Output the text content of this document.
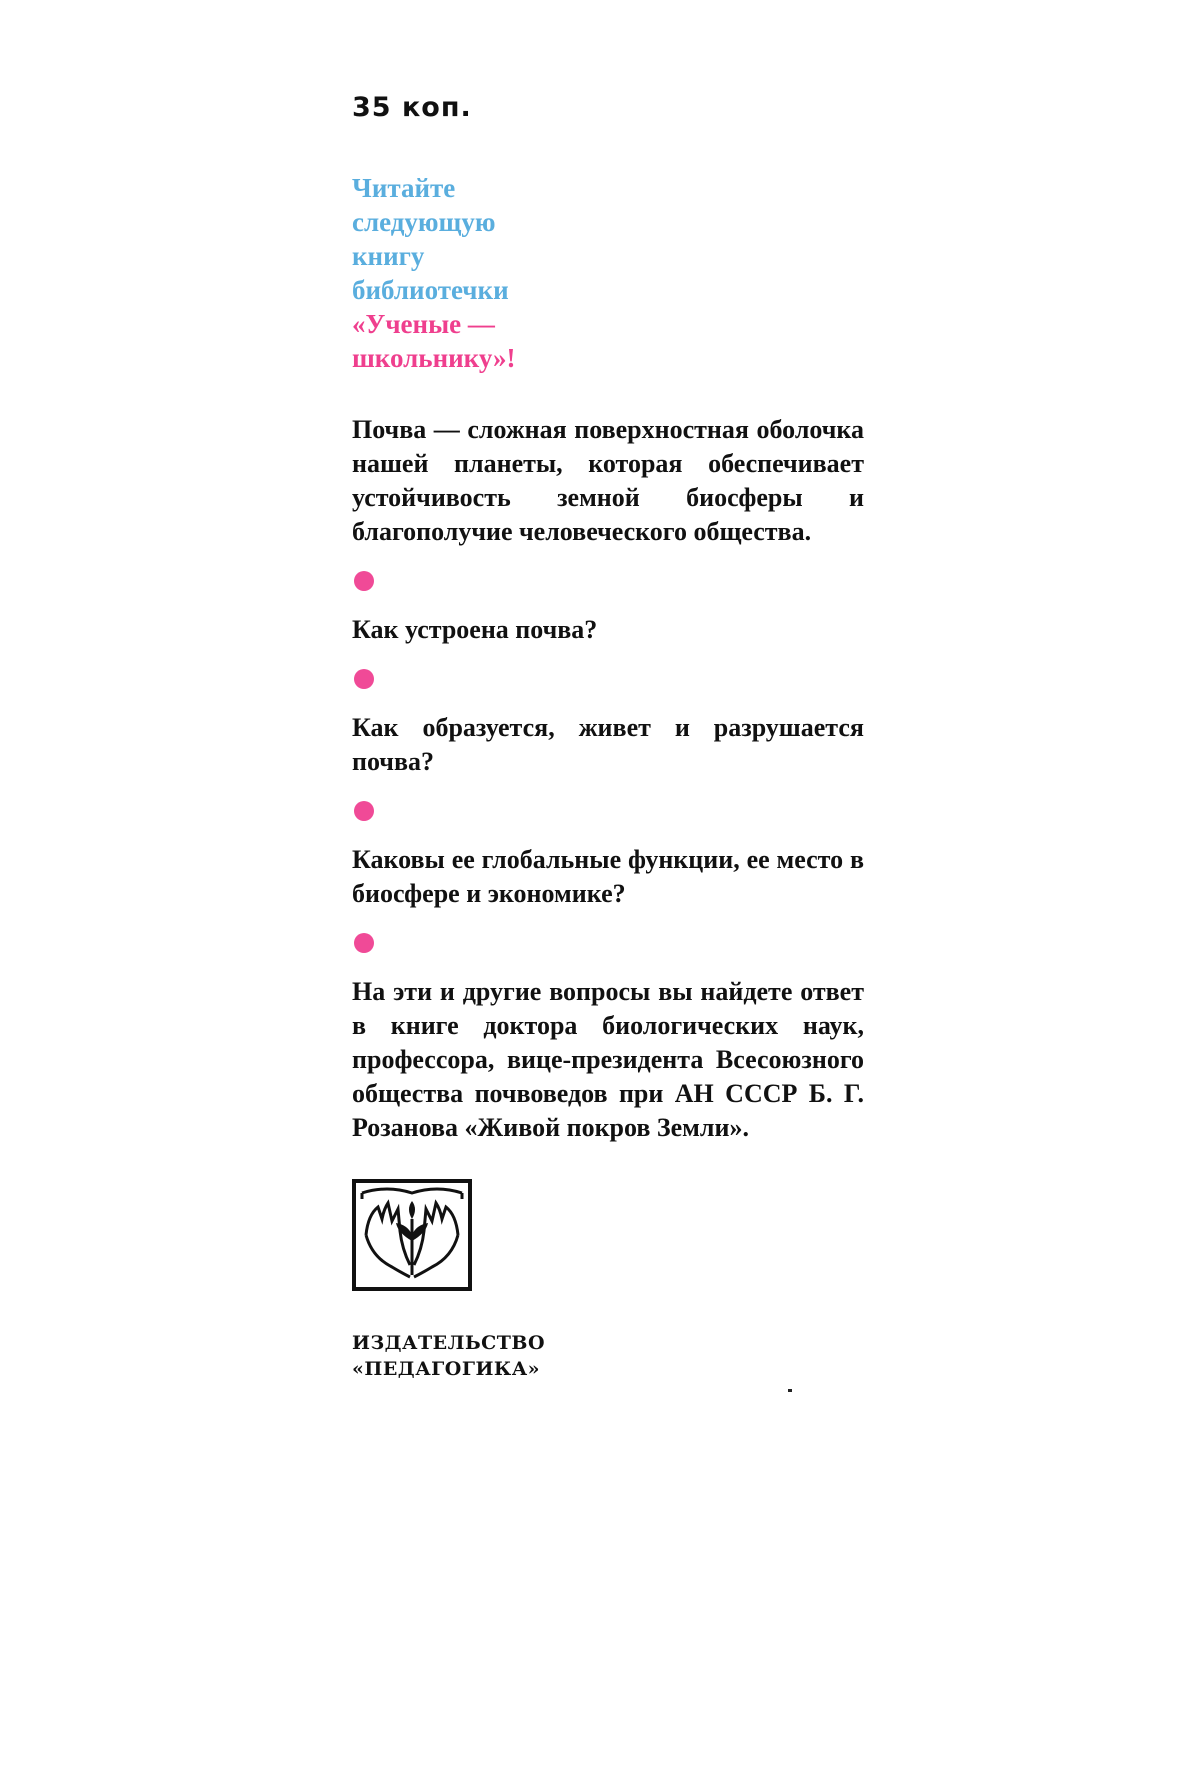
35 коп.
Читайте
следующую
книгу
библиотечки
«Ученые —
школьнику»!

Почва — сложная поверхностная оболочка нашей планеты, которая обеспечивает устойчивость земной биосферы и благополучие человеческого общества.

Как устроена почва?

Как образуется, живет и разрушается почва?

Каковы ее глобальные функции, ее место в биосфере и экономике?

На эти и другие вопросы вы найдете ответ в книге доктора биологических наук, профессора, вице-президента Всесоюзного общества почвоведов при АН СССР Б. Г. Розанова «Живой покров Земли».

ИЗДАТЕЛЬСТВО
«ПЕДАГОГИКА»
